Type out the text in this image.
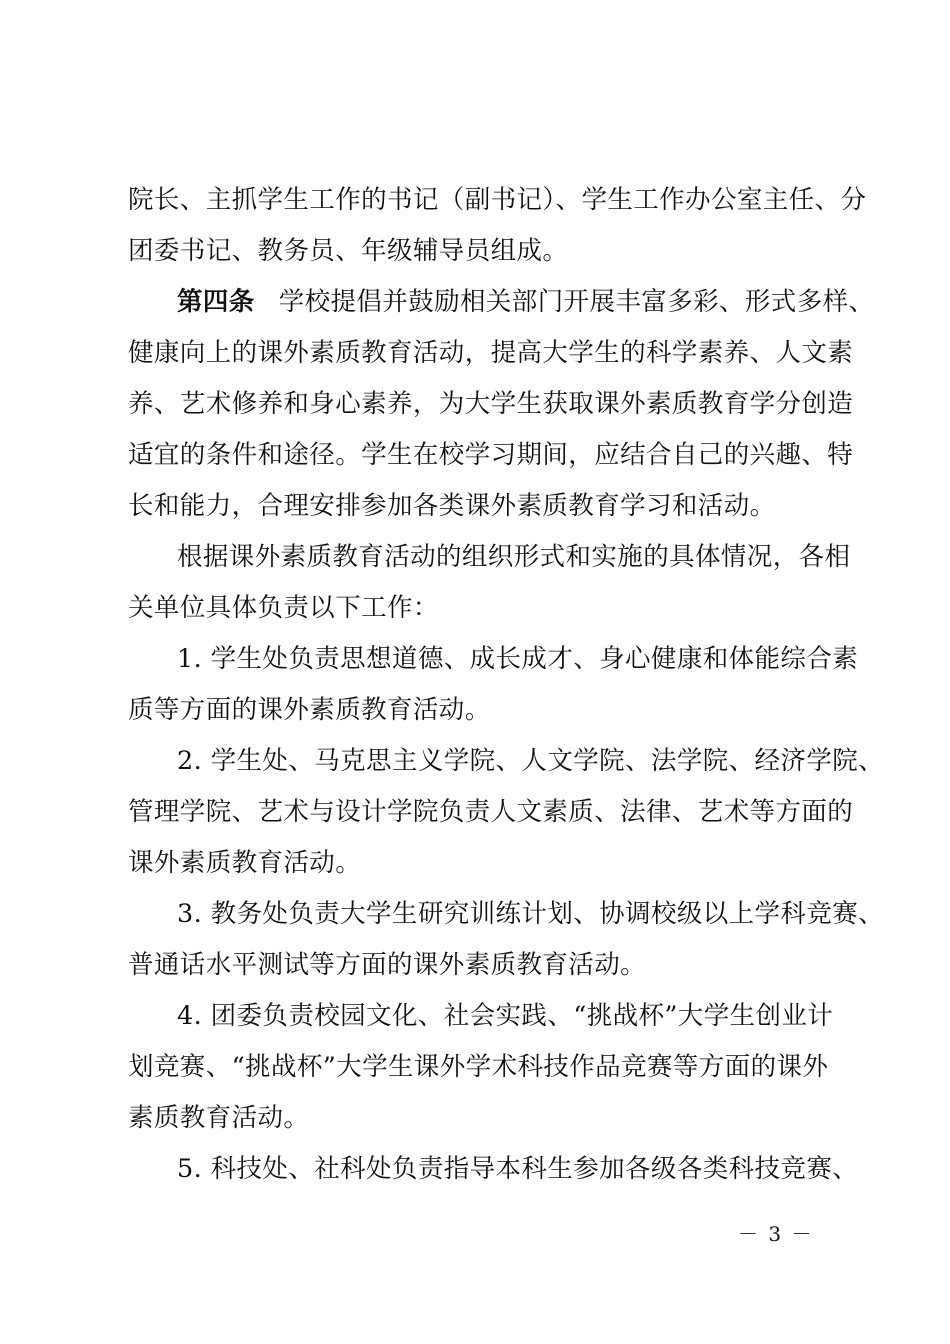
院长、主抓学生工作的书记（副书记）、学生工作办公室主任、分
团委书记、教务员、年级辅导员组成。
第四条 学校提倡并鼓励相关部门开展丰富多彩、形式多样、
健康向上的课外素质教育活动，提高大学生的科学素养、人文素
养、艺术修养和身心素养，为大学生获取课外素质教育学分创造
适宜的条件和途径。学生在校学习期间，应结合自己的兴趣、特
长和能力，合理安排参加各类课外素质教育学习和活动。
根据课外素质教育活动的组织形式和实施的具体情况，各相
关单位具体负责以下工作：
1. 学生处负责思想道德、成长成才、身心健康和体能综合素
质等方面的课外素质教育活动。
2. 学生处、马克思主义学院、人文学院、法学院、经济学院、
管理学院、艺术与设计学院负责人文素质、法律、艺术等方面的
课外素质教育活动。
3. 教务处负责大学生研究训练计划、协调校级以上学科竞赛、
普通话水平测试等方面的课外素质教育活动。
4. 团委负责校园文化、社会实践、“挑战杯”大学生创业计
划竞赛、“挑战杯”大学生课外学术科技作品竞赛等方面的课外
素质教育活动。
5. 科技处、社科处负责指导本科生参加各级各类科技竞赛、
－ 3 －
